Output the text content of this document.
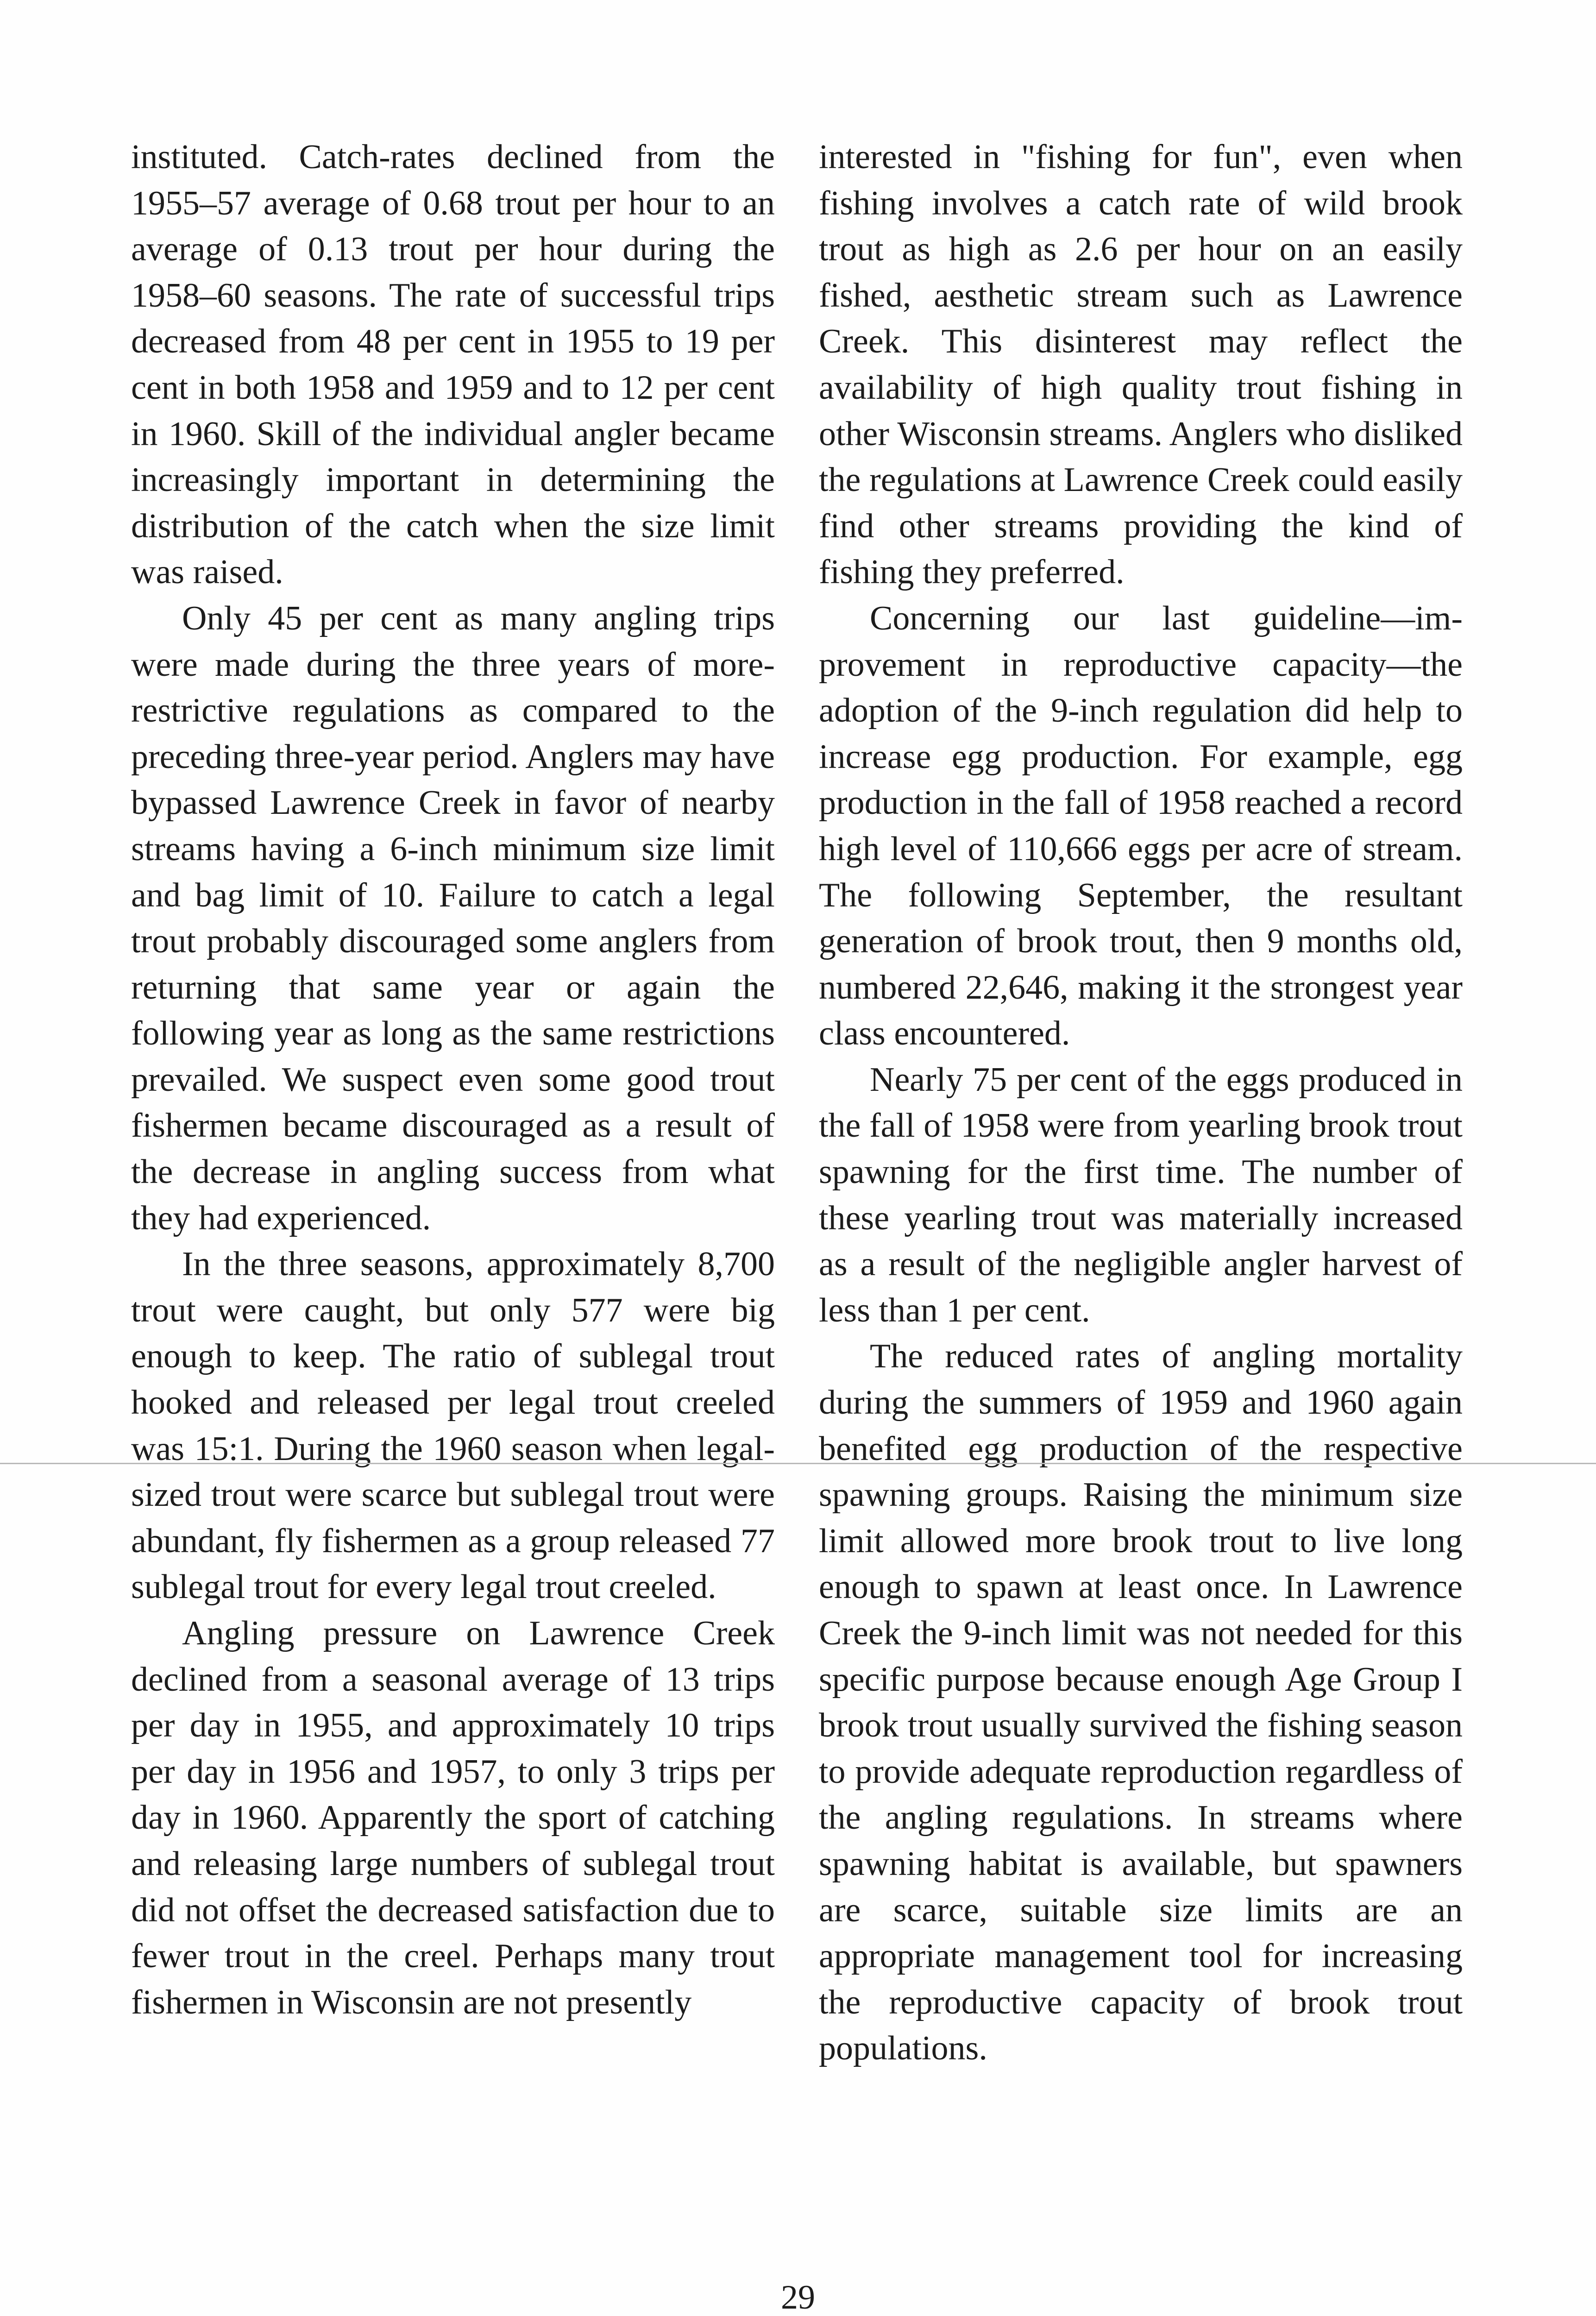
instituted. Catch-rates declined from the 1955–57 average of 0.68 trout per hour to an average of 0.13 trout per hour during the 1958–60 seasons. The rate of successful trips decreased from 48 per cent in 1955 to 19 per cent in both 1958 and 1959 and to 12 per cent in 1960. Skill of the individual angler became increasingly important in determining the distribution of the catch when the size limit was raised.

Only 45 per cent as many angling trips were made during the three years of more-restrictive regulations as compared to the preceding three-year period. Anglers may have bypassed Lawrence Creek in favor of nearby streams having a 6-inch minimum size limit and bag limit of 10. Failure to catch a legal trout probably discouraged some anglers from returning that same year or again the following year as long as the same restrictions prevailed. We suspect even some good trout fishermen became discouraged as a result of the decrease in angling success from what they had experienced.

In the three seasons, approximately 8,700 trout were caught, but only 577 were big enough to keep. The ratio of sublegal trout hooked and released per legal trout creeled was 15:1. During the 1960 season when legal-sized trout were scarce but sublegal trout were abundant, fly fishermen as a group released 77 sublegal trout for every legal trout creeled.

Angling pressure on Lawrence Creek declined from a seasonal average of 13 trips per day in 1955, and approximately 10 trips per day in 1956 and 1957, to only 3 trips per day in 1960. Apparently the sport of catching and releasing large numbers of sublegal trout did not offset the decreased satisfaction due to fewer trout in the creel. Perhaps many trout fishermen in Wisconsin are not presently

interested in "fishing for fun", even when fishing involves a catch rate of wild brook trout as high as 2.6 per hour on an easily fished, aesthetic stream such as Lawrence Creek. This disinterest may reflect the availability of high quality trout fishing in other Wisconsin streams. Anglers who disliked the regulations at Lawrence Creek could easily find other streams providing the kind of fishing they preferred.

Concerning our last guideline—improvement in reproductive capacity—the adoption of the 9-inch regulation did help to increase egg production. For example, egg production in the fall of 1958 reached a record high level of 110,666 eggs per acre of stream. The following September, the resultant generation of brook trout, then 9 months old, numbered 22,646, making it the strongest year class encountered.

Nearly 75 per cent of the eggs produced in the fall of 1958 were from yearling brook trout spawning for the first time. The number of these yearling trout was materially increased as a result of the negligible angler harvest of less than 1 per cent.

The reduced rates of angling mortality during the summers of 1959 and 1960 again benefited egg production of the respective spawning groups. Raising the minimum size limit allowed more brook trout to live long enough to spawn at least once. In Lawrence Creek the 9-inch limit was not needed for this specific purpose because enough Age Group I brook trout usually survived the fishing season to provide adequate reproduction regardless of the angling regulations. In streams where spawning habitat is available, but spawners are scarce, suitable size limits are an appropriate management tool for increasing the reproductive capacity of brook trout populations.

29
